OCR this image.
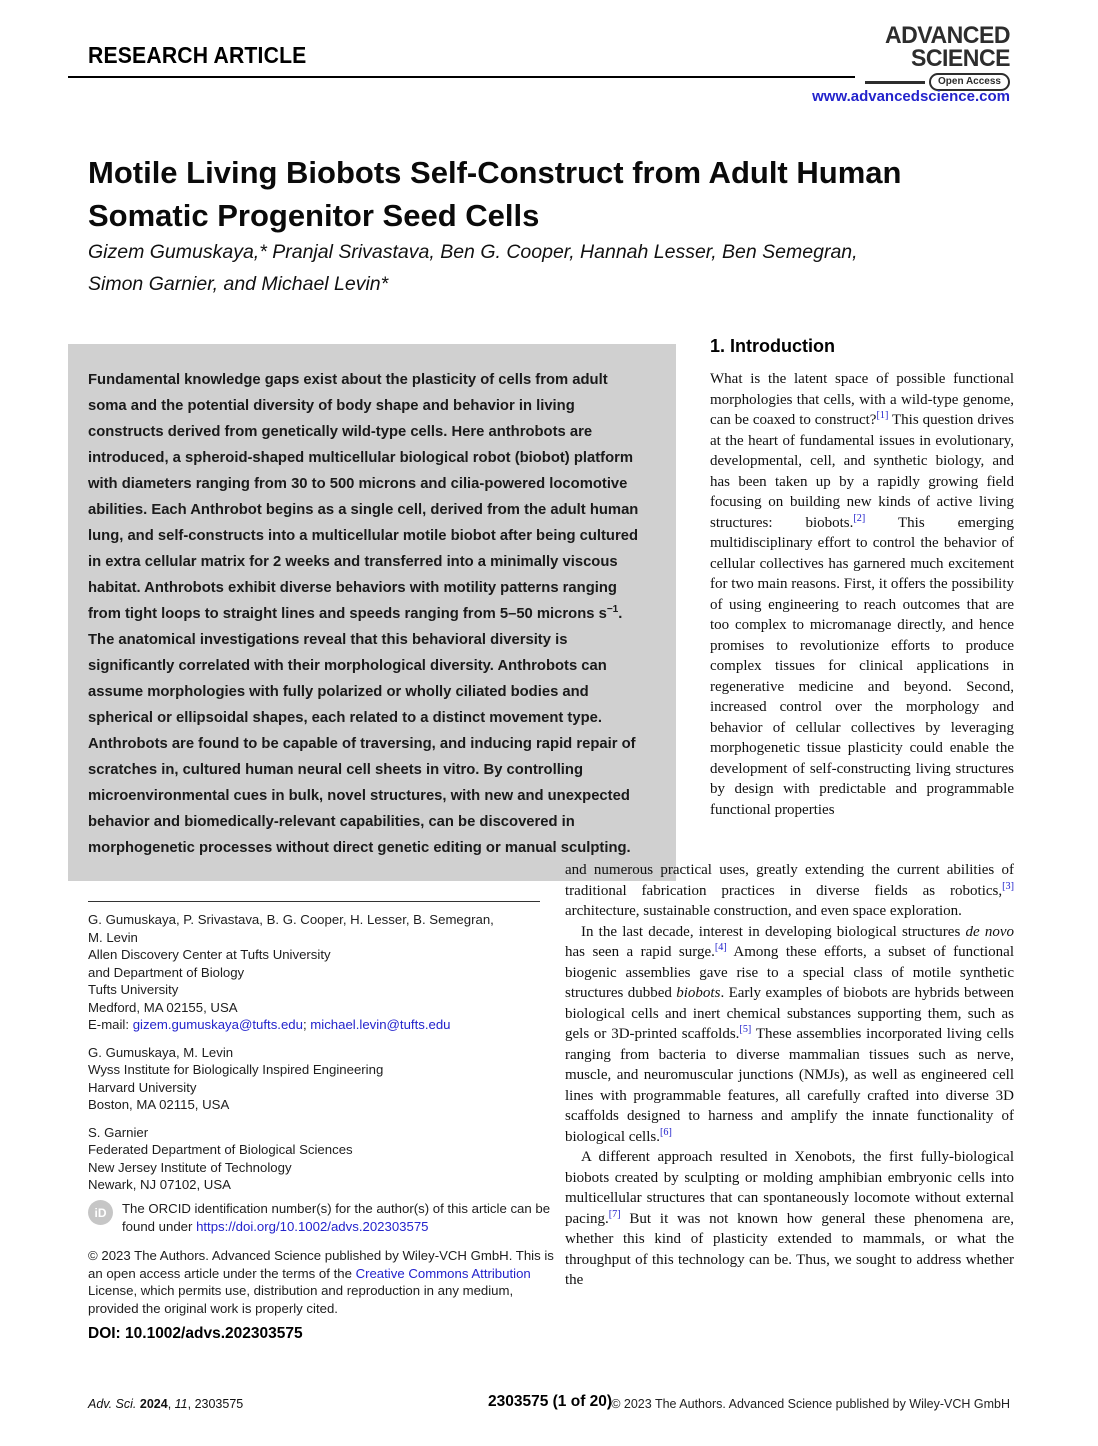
RESEARCH ARTICLE
ADVANCED
SCIENCE
Open Access
www.advancedscience.com
Motile Living Biobots Self-Construct from Adult Human
Somatic Progenitor Seed Cells
Gizem Gumuskaya,* Pranjal Srivastava, Ben G. Cooper, Hannah Lesser, Ben Semegran,
Simon Garnier, and Michael Levin*
Fundamental knowledge gaps exist about the plasticity of cells from adult soma and the potential diversity of body shape and behavior in living constructs derived from genetically wild-type cells. Here anthrobots are introduced, a spheroid-shaped multicellular biological robot (biobot) platform with diameters ranging from 30 to 500 microns and cilia-powered locomotive abilities. Each Anthrobot begins as a single cell, derived from the adult human lung, and self-constructs into a multicellular motile biobot after being cultured in extra cellular matrix for 2 weeks and transferred into a minimally viscous habitat. Anthrobots exhibit diverse behaviors with motility patterns ranging from tight loops to straight lines and speeds ranging from 5–50 microns $s^{-1}$. The anatomical investigations reveal that this behavioral diversity is significantly correlated with their morphological diversity. Anthrobots can assume morphologies with fully polarized or wholly ciliated bodies and spherical or ellipsoidal shapes, each related to a distinct movement type. Anthrobots are found to be capable of traversing, and inducing rapid repair of scratches in, cultured human neural cell sheets in vitro. By controlling microenvironmental cues in bulk, novel structures, with new and unexpected behavior and biomedically-relevant capabilities, can be discovered in morphogenetic processes without direct genetic editing or manual sculpting.
1. Introduction

What is the latent space of possible functional morphologies that cells, with a wild-type genome, can be coaxed to construct?[1] This question drives at the heart of fundamental issues in evolutionary, developmental, cell, and synthetic biology, and has been taken up by a rapidly growing field focusing on building new kinds of active living structures: biobots.[2] This emerging multidisciplinary effort to control the behavior of cellular collectives has garnered much excitement for two main reasons. First, it offers the possibility of using engineering to reach outcomes that are too complex to micromanage directly, and hence promises to revolutionize efforts to produce complex tissues for clinical applications in regenerative medicine and beyond. Second, increased control over the morphology and behavior of cellular collectives by leveraging morphogenetic tissue plasticity could enable the development of self-constructing living structures by design with predictable and programmable functional properties

and numerous practical uses, greatly extending the current abilities of traditional fabrication practices in diverse fields as robotics,[3] architecture, sustainable construction, and even space exploration.

In the last decade, interest in developing biological structures de novo has seen a rapid surge.[4] Among these efforts, a subset of functional biogenic assemblies gave rise to a special class of motile synthetic structures dubbed biobots. Early examples of biobots are hybrids between biological cells and inert chemical substances supporting them, such as gels or 3D-printed scaffolds.[5] These assemblies incorporated living cells ranging from bacteria to diverse mammalian tissues such as nerve, muscle, and neuromuscular junctions (NMJs), as well as engineered cell lines with programmable features, all carefully crafted into diverse 3D scaffolds designed to harness and amplify the innate functionality of biological cells.[6]

A different approach resulted in Xenobots, the first fully-biological biobots created by sculpting or molding amphibian embryonic cells into multicellular structures that can spontaneously locomote without external pacing.[7] But it was not known how general these phenomena are, whether this kind of plasticity extended to mammals, or what the throughput of this technology can be. Thus, we sought to address whether the

G. Gumuskaya, P. Srivastava, B. G. Cooper, H. Lesser, B. Semegran,
M. Levin
Allen Discovery Center at Tufts University
and Department of Biology
Tufts University
Medford, MA 02155, USA
E-mail: gizem.gumuskaya@tufts.edu; michael.levin@tufts.edu
G. Gumuskaya, M. Levin
Wyss Institute for Biologically Inspired Engineering
Harvard University
Boston, MA 02115, USA
S. Garnier
Federated Department of Biological Sciences
New Jersey Institute of Technology
Newark, NJ 07102, USA
iD	The ORCID identification number(s) for the author(s) of this article can be found under https://doi.org/10.1002/advs.202303575
© 2023 The Authors. Advanced Science published by Wiley-VCH GmbH. This is an open access article under the terms of the Creative Commons Attribution License, which permits use, distribution and reproduction in any medium, provided the original work is properly cited.
DOI: 10.1002/advs.202303575
Adv. Sci. 2024, 11, 2303575	2303575 (1 of 20) © 2023 The Authors. Advanced Science published by Wiley-VCH GmbH
